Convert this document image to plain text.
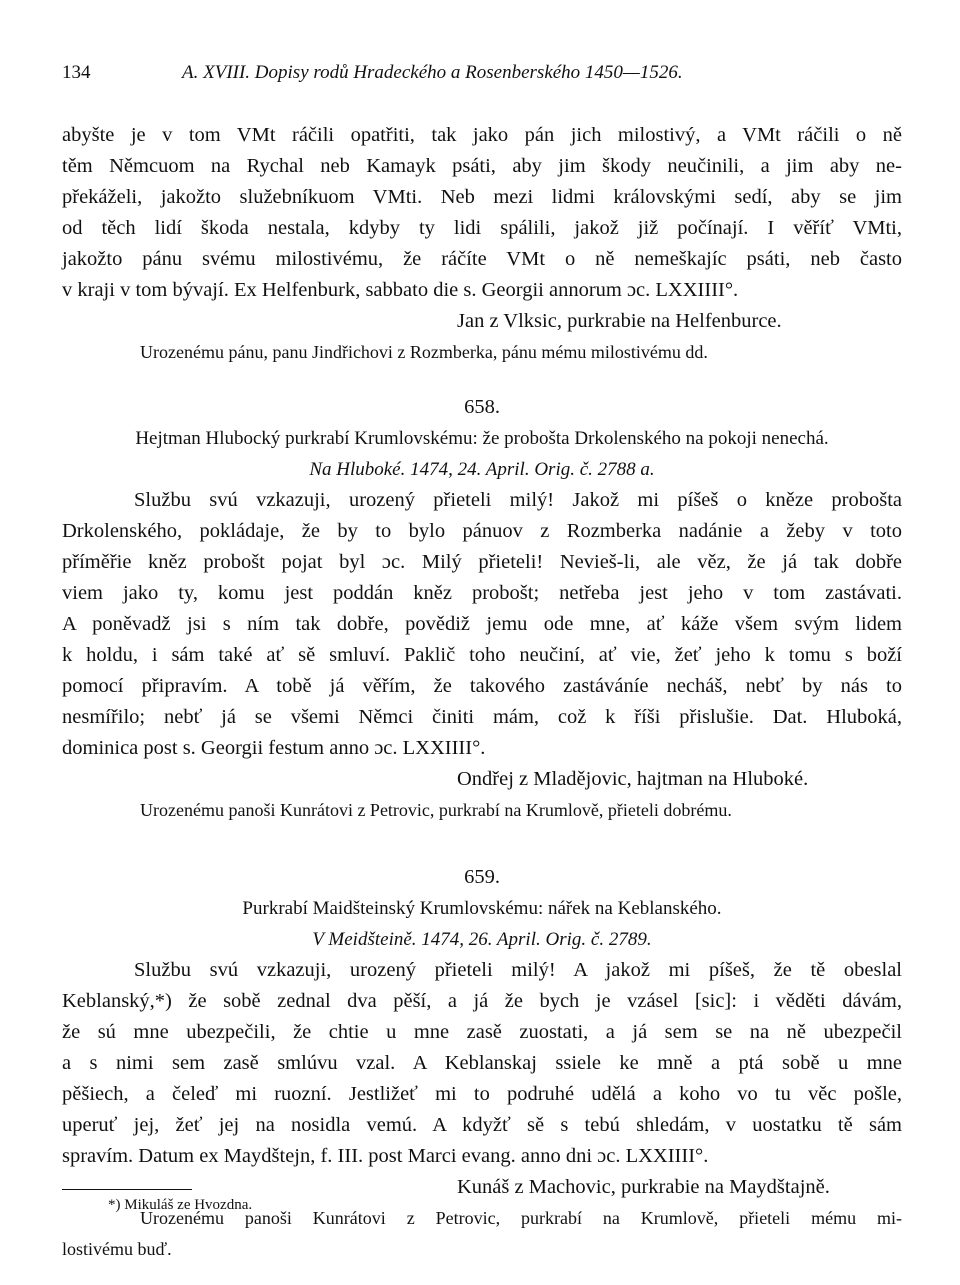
134	A. XVIII. Dopisy rodů Hradeckého a Rosenberského 1450—1526.
abyšte je v tom VMt ráčili opatřiti, tak jako pán jich milostivý, a VMt ráčili o ně
těm Němcuom na Rychal neb Kamayk psáti, aby jim škody neučinili, a jim aby ne-
překáželi, jakožto služebníkuom VMti. Neb mezi lidmi královskými sedí, aby se jim
od těch lidí škoda nestala, kdyby ty lidi spálili, jakož již počínají. I věříť VMti,
jakožto pánu svému milostivému, že ráčíte VMt o ně nemeškajíc psáti, neb často
v kraji v tom bývají. Ex Helfenburk, sabbato die s. Georgii annorum ɔc. LXXIIII°.
Jan z Vlksic, purkrabie na Helfenburce.
Urozenému pánu, panu Jindřichovi z Rozmberka, pánu mému milostivému dd.
658.
Hejtman Hlubocký purkrabí Krumlovskému: že probošta Drkolenského na pokoji nenechá.
Na Hluboké. 1474, 24. April. Orig. č. 2788 a.
Službu svú vzkazuji, urozený přieteli milý! Jakož mi píšeš o kněze probošta
Drkolenského, pokládaje, že by to bylo pánuov z Rozmberka nadánie a žeby v toto
příměřie kněz probošt pojat byl ɔc. Milý přieteli! Nevieš-li, ale věz, že já tak dobře
viem jako ty, komu jest poddán kněz probošt; netřeba jest jeho v tom zastávati.
A poněvadž jsi s ním tak dobře, povědiž jemu ode mne, ať káže všem svým lidem
k holdu, i sám také ať sě smluví. Paklič toho neučiní, ať vie, žeť jeho k tomu s boží
pomocí připravím. A tobě já věřím, že takového zastáváníe necháš, nebť by nás to
nesmířilo; nebť já se všemi Němci činiti mám, což k říši přislušie. Dat. Hluboká,
dominica post s. Georgii festum anno ɔc. LXXIIII°.
Ondřej z Mladějovic, hajtman na Hluboké.
Urozenému panoši Kunrátovi z Petrovic, purkrabí na Krumlově, přieteli dobrému.
659.
Purkrabí Maidšteinský Krumlovskému: nářek na Keblanského.
V Meidšteině. 1474, 26. April. Orig. č. 2789.
Službu svú vzkazuji, urozený přieteli milý! A jakož mi píšeš, že tě obeslal
Keblanský,*) že sobě zednal dva pěší, a já že bych je vzásel [sic]: i věděti dávám,
že sú mne ubezpečili, že chtie u mne zasě zuostati, a já sem se na ně ubezpečil
a s nimi sem zasě smlúvu vzal. A Keblanskaj ssiele ke mně a ptá sobě u mne
pěšiech, a čeleď mi ruozní. Jestližeť mi to podruhé udělá a koho vo tu věc pošle,
uperuť jej, žeť jej na nosidla vemú. A kdyžť sě s tebú shledám, v uostatku tě sám
spravím. Datum ex Maydštejn, f. III. post Marci evang. anno dni ɔc. LXXIIII°.
Kunáš z Machovic, purkrabie na Maydštajně.
Urozenému panoši Kunrátovi z Petrovic, purkrabí na Krumlově, přieteli mému mi-
lostivému buď.
*) Mikuláš ze Hvozdna.
